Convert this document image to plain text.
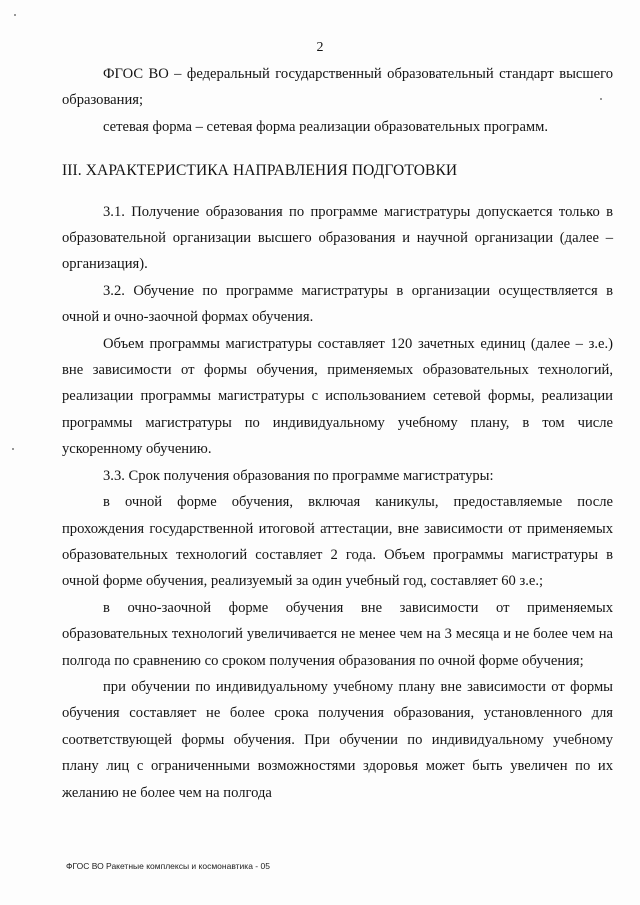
2

ФГОС ВО – федеральный государственный образовательный стандарт высшего образования;

сетевая форма – сетевая форма реализации образовательных программ.

III. ХАРАКТЕРИСТИКА НАПРАВЛЕНИЯ ПОДГОТОВКИ

3.1. Получение образования по программе магистратуры допускается только в образовательной организации высшего образования и научной организации (далее – организация).

3.2. Обучение по программе магистратуры в организации осуществляется в очной и очно-заочной формах обучения.

Объем программы магистратуры составляет 120 зачетных единиц (далее – з.е.) вне зависимости от формы обучения, применяемых образовательных технологий, реализации программы магистратуры с использованием сетевой формы, реализации программы магистратуры по индивидуальному учебному плану, в том числе ускоренному обучению.

3.3. Срок получения образования по программе магистратуры:

в очной форме обучения, включая каникулы, предоставляемые после прохождения государственной итоговой аттестации, вне зависимости от применяемых образовательных технологий составляет 2 года. Объем программы магистратуры в очной форме обучения, реализуемый за один учебный год, составляет 60 з.е.;

в очно-заочной форме обучения вне зависимости от применяемых образовательных технологий увеличивается не менее чем на 3 месяца и не более чем на полгода по сравнению со сроком получения образования по очной форме обучения;

при обучении по индивидуальному учебному плану вне зависимости от формы обучения составляет не более срока получения образования, установленного для соответствующей формы обучения. При обучении по индивидуальному учебному плану лиц с ограниченными возможностями здоровья может быть увеличен по их желанию не более чем на полгода

ФГОС ВО Ракетные комплексы и космонавтика - 05
